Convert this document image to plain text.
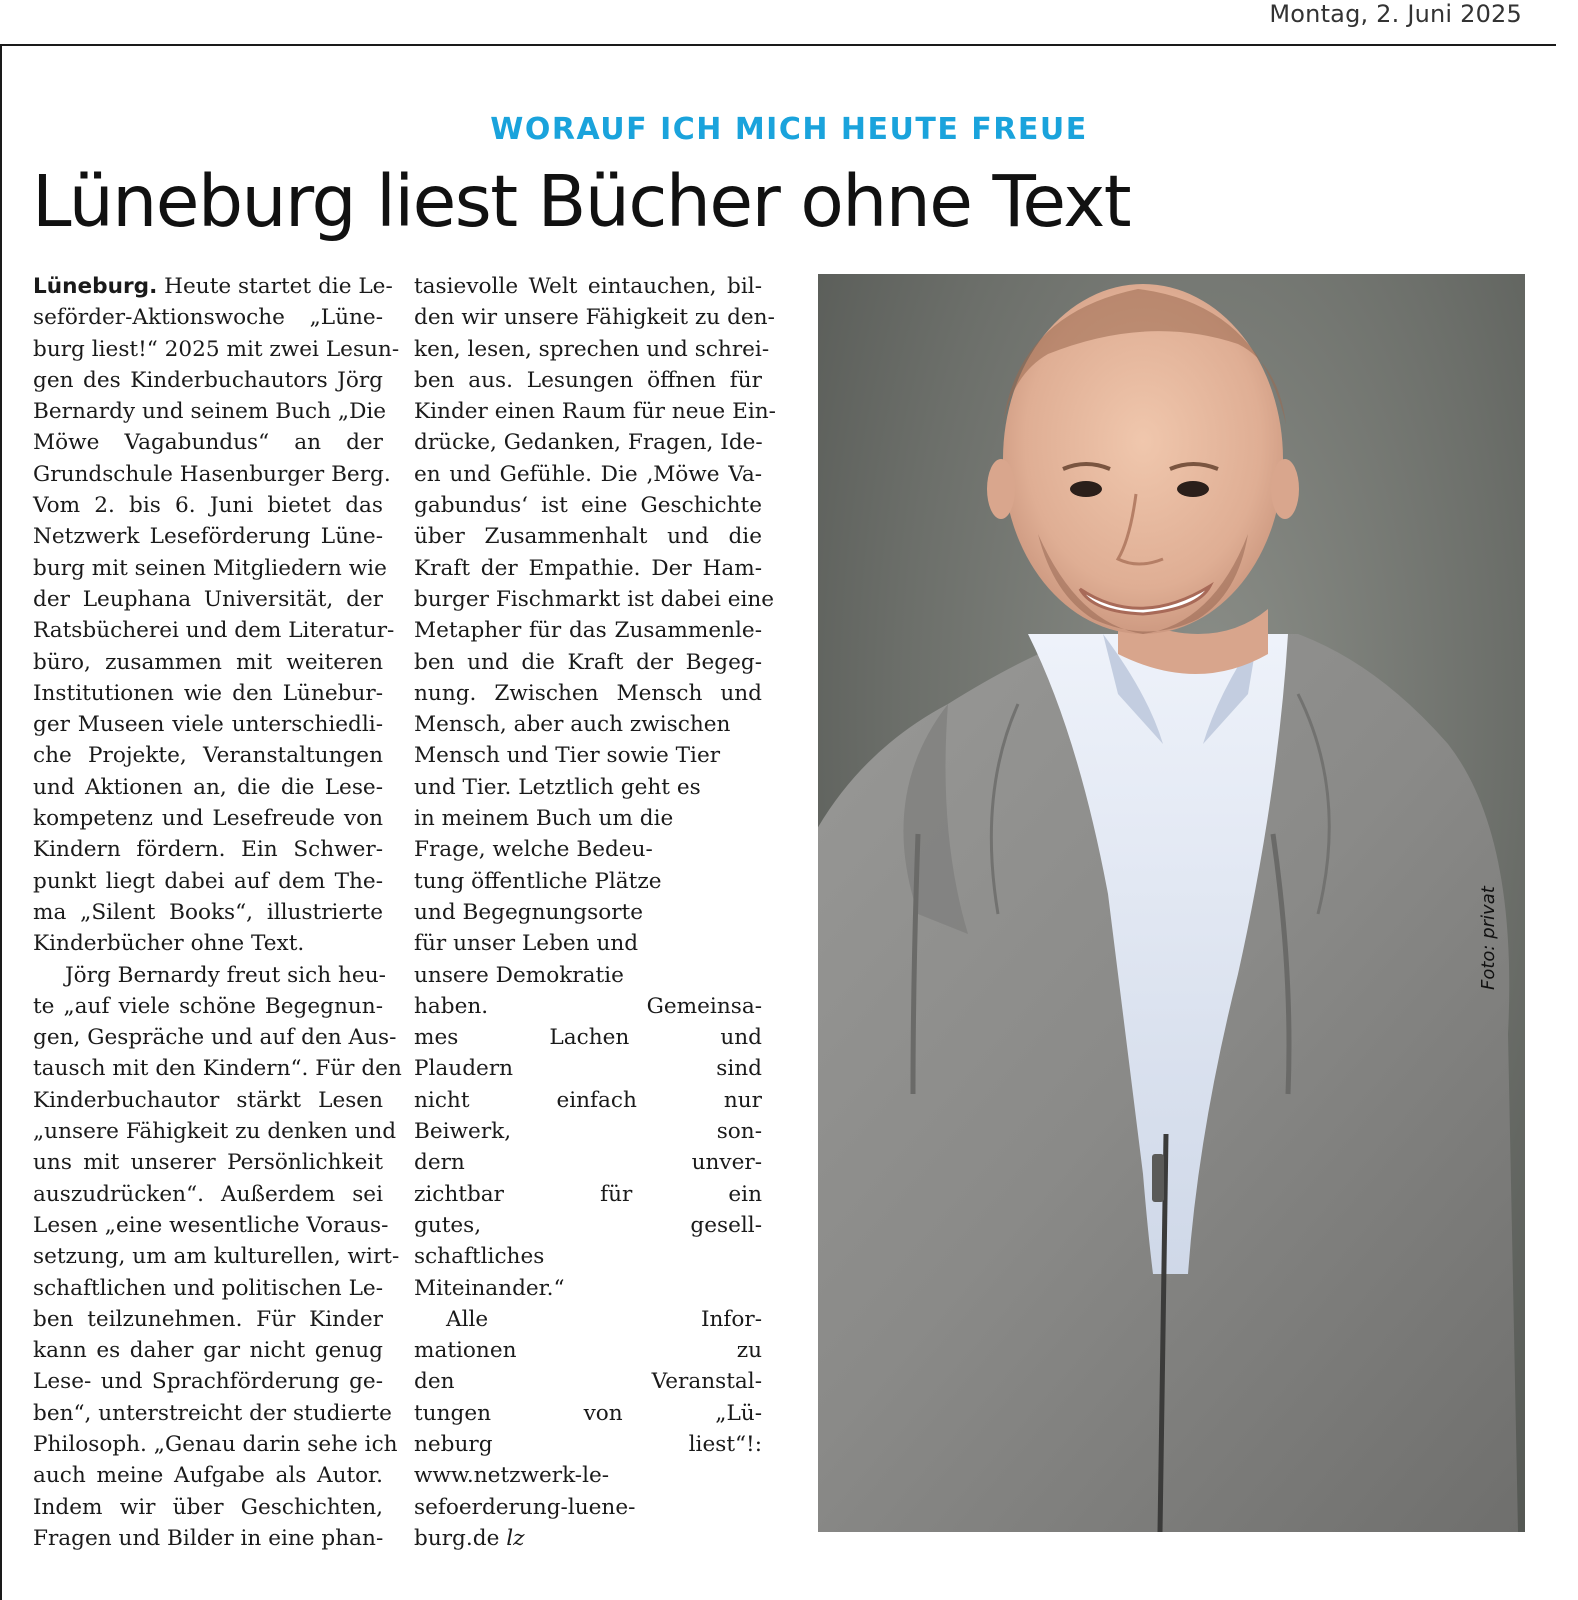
Montag, 2. Juni 2025
WORAUF ICH MICH HEUTE FREUE
Lüneburg liest Bücher ohne Text
Lüneburg. Heute startet die Le-
seförder-Aktionswoche „Lüne-
burg liest!“ 2025 mit zwei Lesun-
gen des Kinderbuchautors Jörg
Bernardy und seinem Buch „Die
Möwe Vagabundus“ an der
Grundschule Hasenburger Berg.
Vom 2. bis 6. Juni bietet das
Netzwerk Leseförderung Lüne-
burg mit seinen Mitgliedern wie
der Leuphana Universität, der
Ratsbücherei und dem Literatur-
büro, zusammen mit weiteren
Institutionen wie den Lünebur-
ger Museen viele unterschiedli-
che Projekte, Veranstaltungen
und Aktionen an, die die Lese-
kompetenz und Lesefreude von
Kindern fördern. Ein Schwer-
punkt liegt dabei auf dem The-
ma „Silent Books“, illustrierte
Kinderbücher ohne Text.
Jörg Bernardy freut sich heu-
te „auf viele schöne Begegnun-
gen, Gespräche und auf den Aus-
tausch mit den Kindern“. Für den
Kinderbuchautor stärkt Lesen
„unsere Fähigkeit zu denken und
uns mit unserer Persönlichkeit
auszudrücken“. Außerdem sei
Lesen „eine wesentliche Voraus-
setzung, um am kulturellen, wirt-
schaftlichen und politischen Le-
ben teilzunehmen. Für Kinder
kann es daher gar nicht genug
Lese- und Sprachförderung ge-
ben“, unterstreicht der studierte
Philosoph. „Genau darin sehe ich
auch meine Aufgabe als Autor.
Indem wir über Geschichten,
Fragen und Bilder in eine phan-
tasievolle Welt eintauchen, bil-
den wir unsere Fähigkeit zu den-
ken, lesen, sprechen und schrei-
ben aus. Lesungen öffnen für
Kinder einen Raum für neue Ein-
drücke, Gedanken, Fragen, Ide-
en und Gefühle. Die ‚Möwe Va-
gabundus‘ ist eine Geschichte
über Zusammenhalt und die
Kraft der Empathie. Der Ham-
burger Fischmarkt ist dabei eine
Metapher für das Zusammenle-
ben und die Kraft der Begeg-
nung. Zwischen Mensch und
Mensch, aber auch zwischen
Mensch und Tier sowie Tier
und Tier. Letztlich geht es
in meinem Buch um die
Frage, welche Bedeu-
tung öffentliche Plätze
und Begegnungsorte
für unser Leben und
unsere Demokratie
haben. Gemeinsa-
mes Lachen und
Plaudern sind
nicht einfach nur
Beiwerk, son-
dern unver-
zichtbar für ein
gutes, gesell-
schaftliches
Miteinander.“
Alle Infor-
mationen zu
den Veranstal-
tungen von „Lü-
neburg liest“!:
www.netzwerk-le-
sefoerderung-luene-
burg.de lz
Foto: privat
